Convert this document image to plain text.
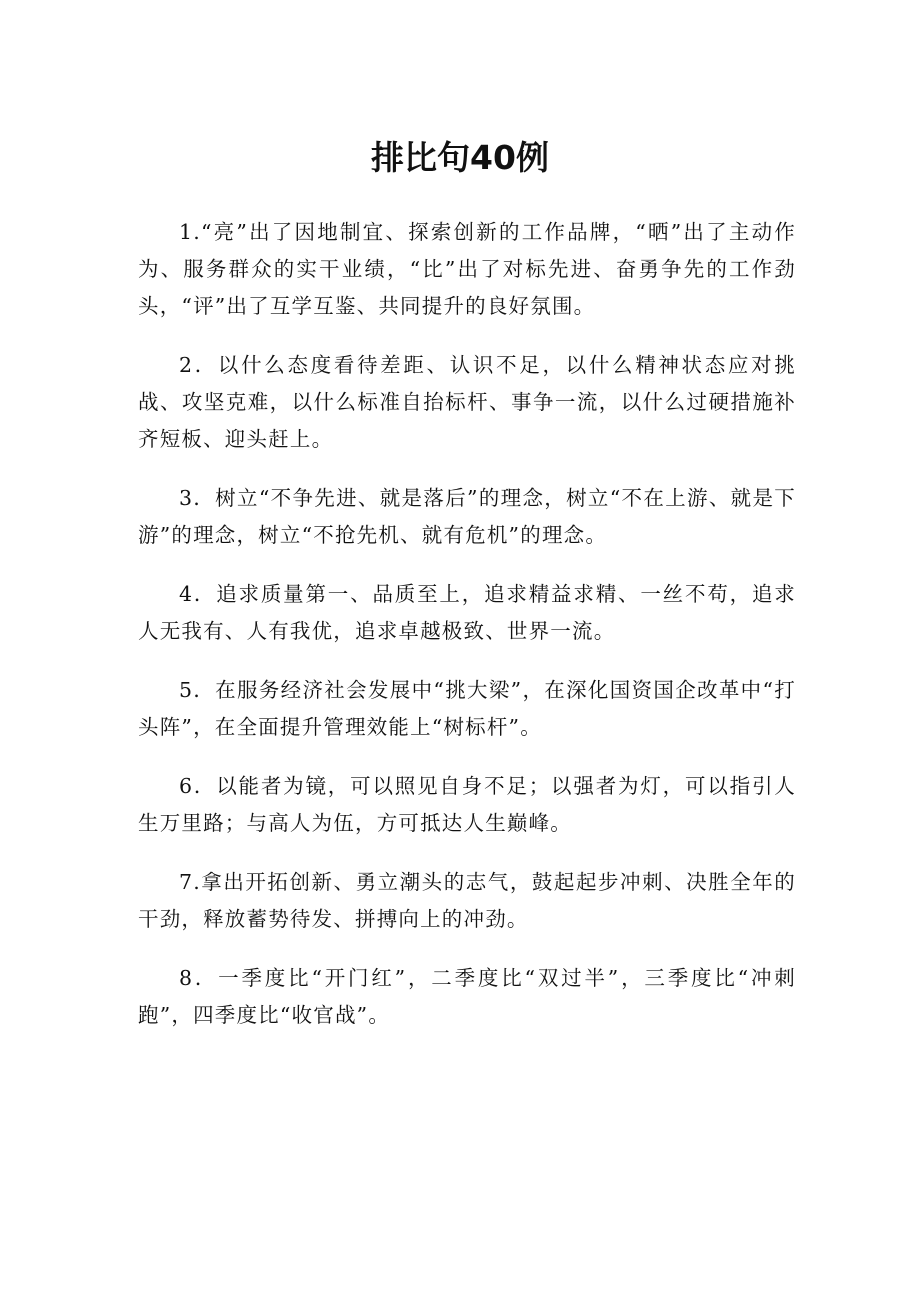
排比句40例
1.“亮”出了因地制宜、探索创新的工作品牌，“晒”出了主动作为、服务群众的实干业绩，“比”出了对标先进、奋勇争先的工作劲头，“评”出了互学互鉴、共同提升的良好氛围。
2．以什么态度看待差距、认识不足，以什么精神状态应对挑战、攻坚克难，以什么标准自抬标杆、事争一流，以什么过硬措施补齐短板、迎头赶上。
3．树立“不争先进、就是落后”的理念，树立“不在上游、就是下游”的理念，树立“不抢先机、就有危机”的理念。
4．追求质量第一、品质至上，追求精益求精、一丝不苟，追求人无我有、人有我优，追求卓越极致、世界一流。
5．在服务经济社会发展中“挑大梁”，在深化国资国企改革中“打头阵”，在全面提升管理效能上“树标杆”。
6．以能者为镜，可以照见自身不足；以强者为灯，可以指引人生万里路；与高人为伍，方可抵达人生巅峰。
7.拿出开拓创新、勇立潮头的志气，鼓起起步冲刺、决胜全年的干劲，释放蓄势待发、拼搏向上的冲劲。
8．一季度比“开门红”，二季度比“双过半”，三季度比“冲刺跑”，四季度比“收官战”。
